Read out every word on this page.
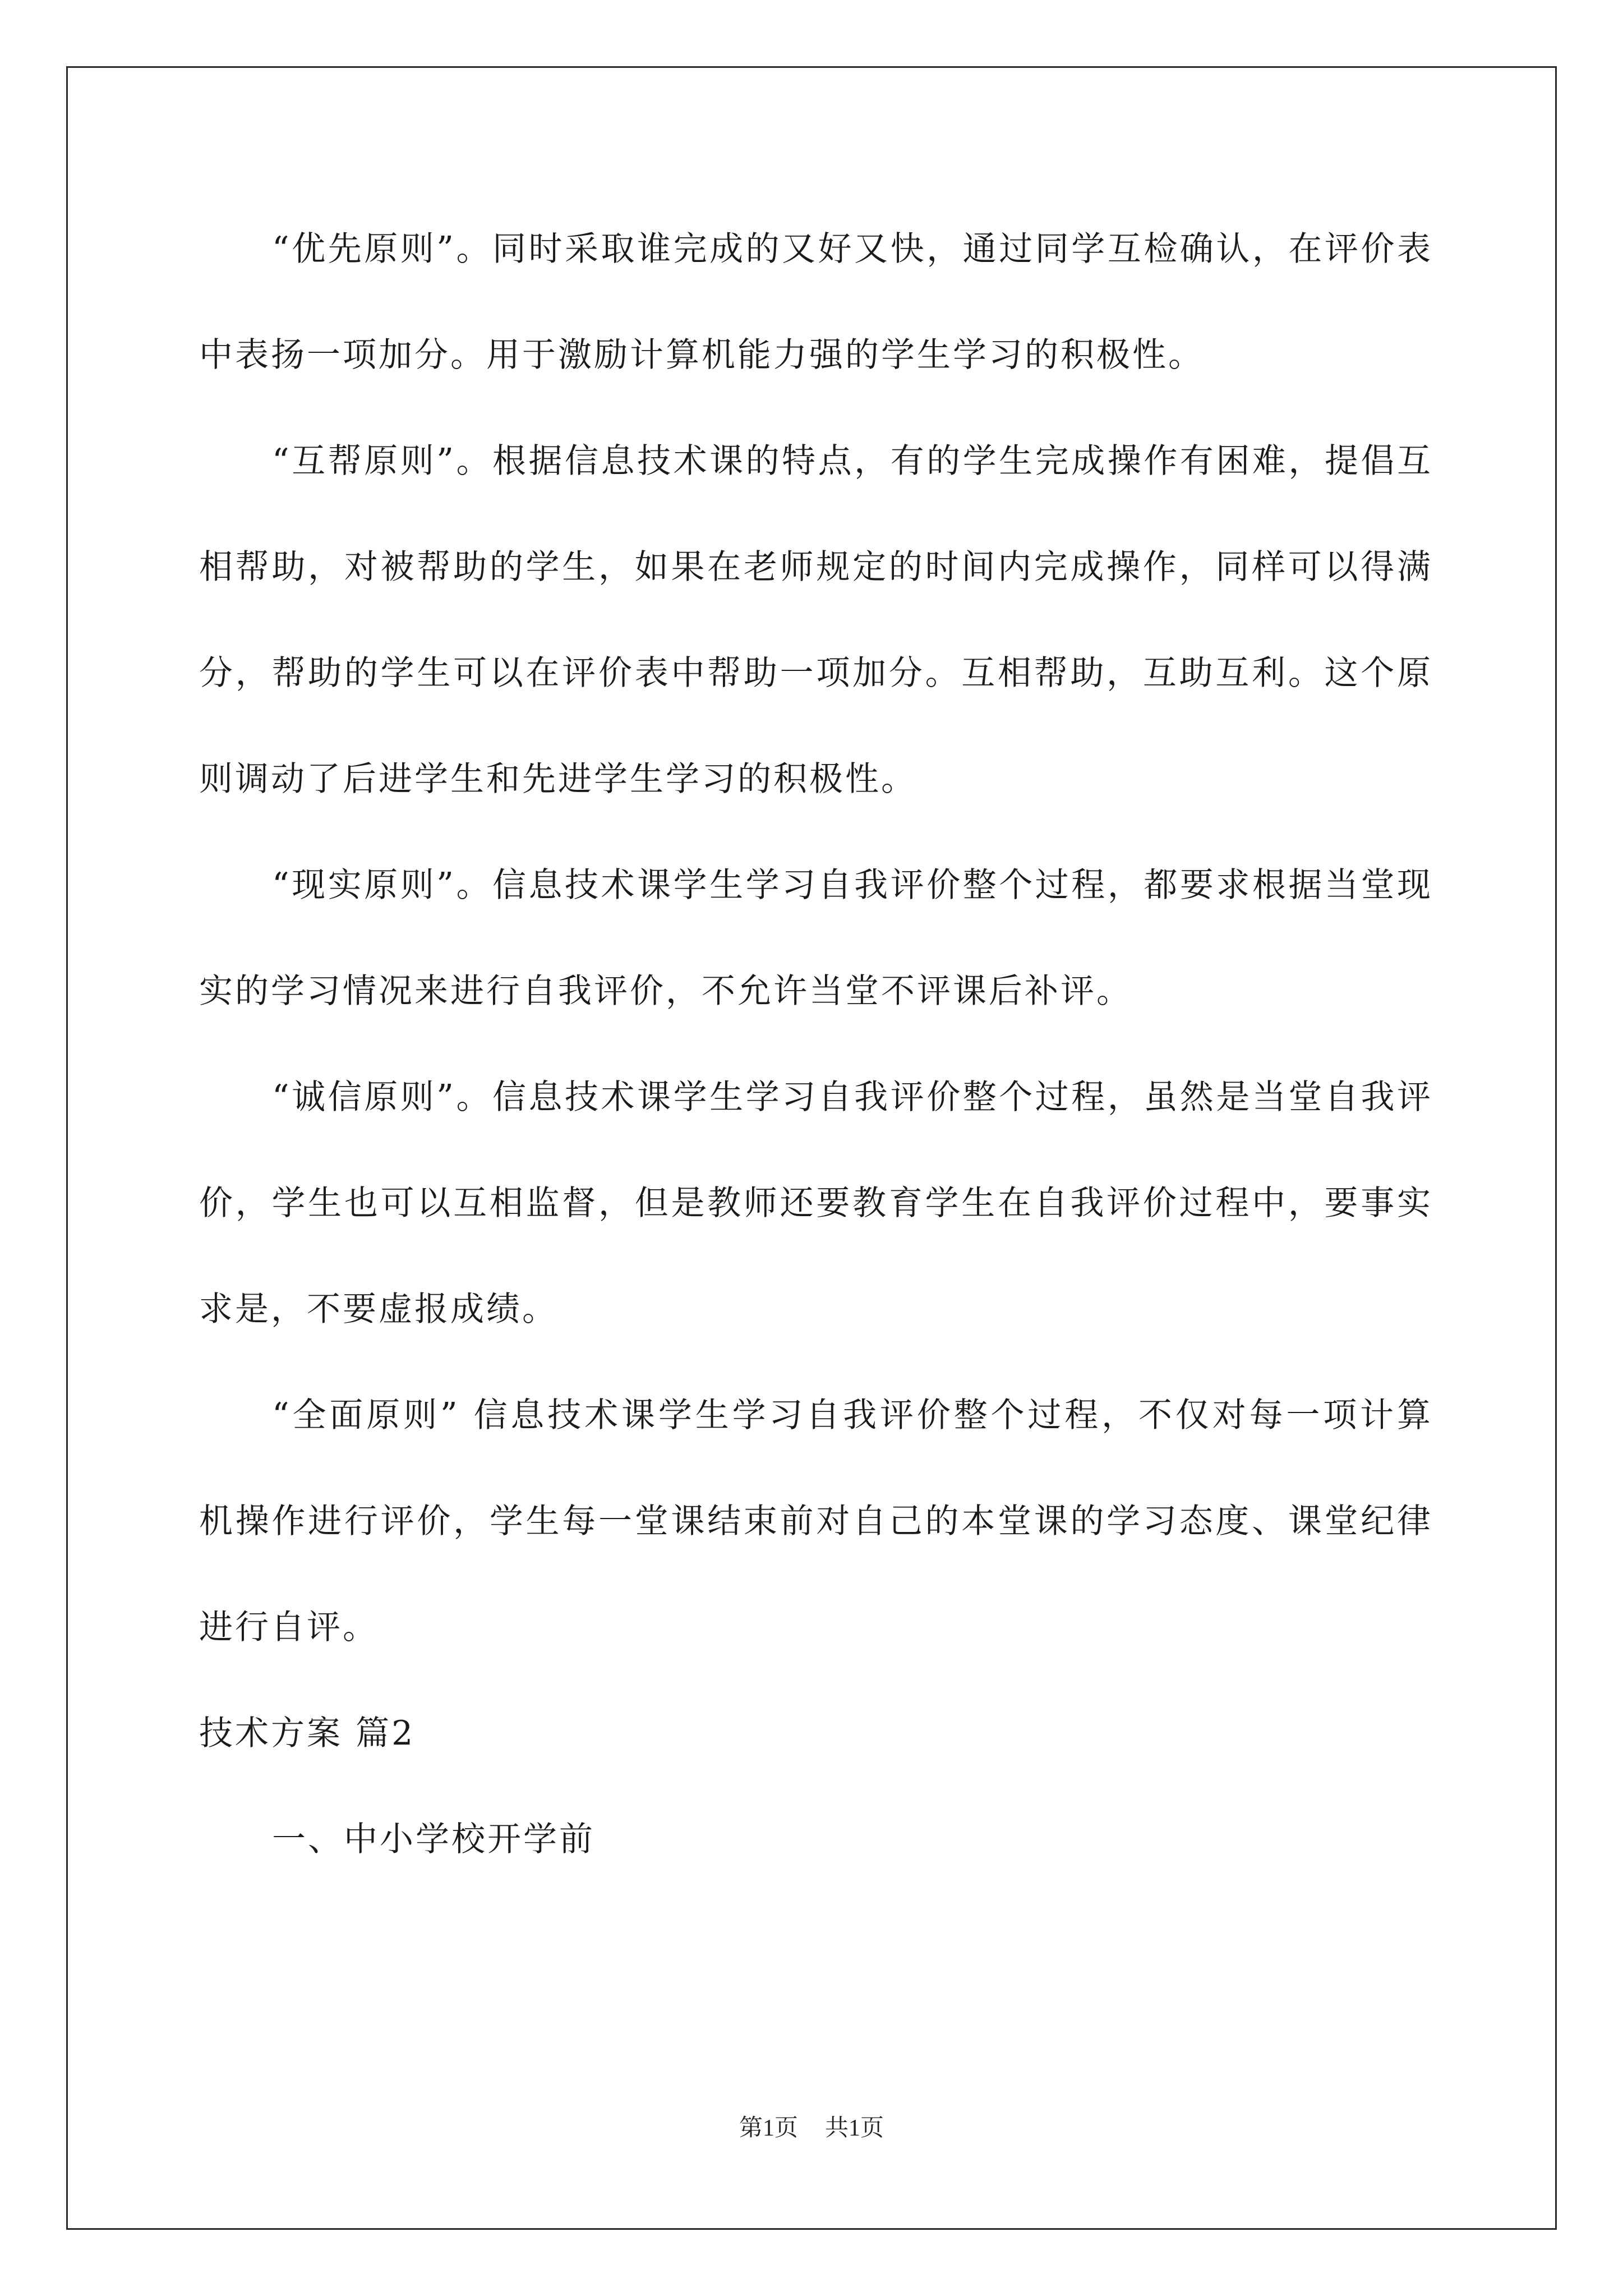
“优先原则”。同时采取谁完成的又好又快，通过同学互检确认，在评价表中表扬一项加分。用于激励计算机能力强的学生学习的积极性。

“互帮原则”。根据信息技术课的特点，有的学生完成操作有困难，提倡互相帮助，对被帮助的学生，如果在老师规定的时间内完成操作，同样可以得满分，帮助的学生可以在评价表中帮助一项加分。互相帮助，互助互利。这个原则调动了后进学生和先进学生学习的积极性。

“现实原则”。信息技术课学生学习自我评价整个过程，都要求根据当堂现实的学习情况来进行自我评价，不允许当堂不评课后补评。

“诚信原则”。信息技术课学生学习自我评价整个过程，虽然是当堂自我评价，学生也可以互相监督，但是教师还要教育学生在自我评价过程中，要事实求是，不要虚报成绩。

“全面原则” 信息技术课学生学习自我评价整个过程，不仅对每一项计算机操作进行评价，学生每一堂课结束前对自己的本堂课的学习态度、课堂纪律进行自评。

技术方案 篇2

一、中小学校开学前

第1页 共1页
